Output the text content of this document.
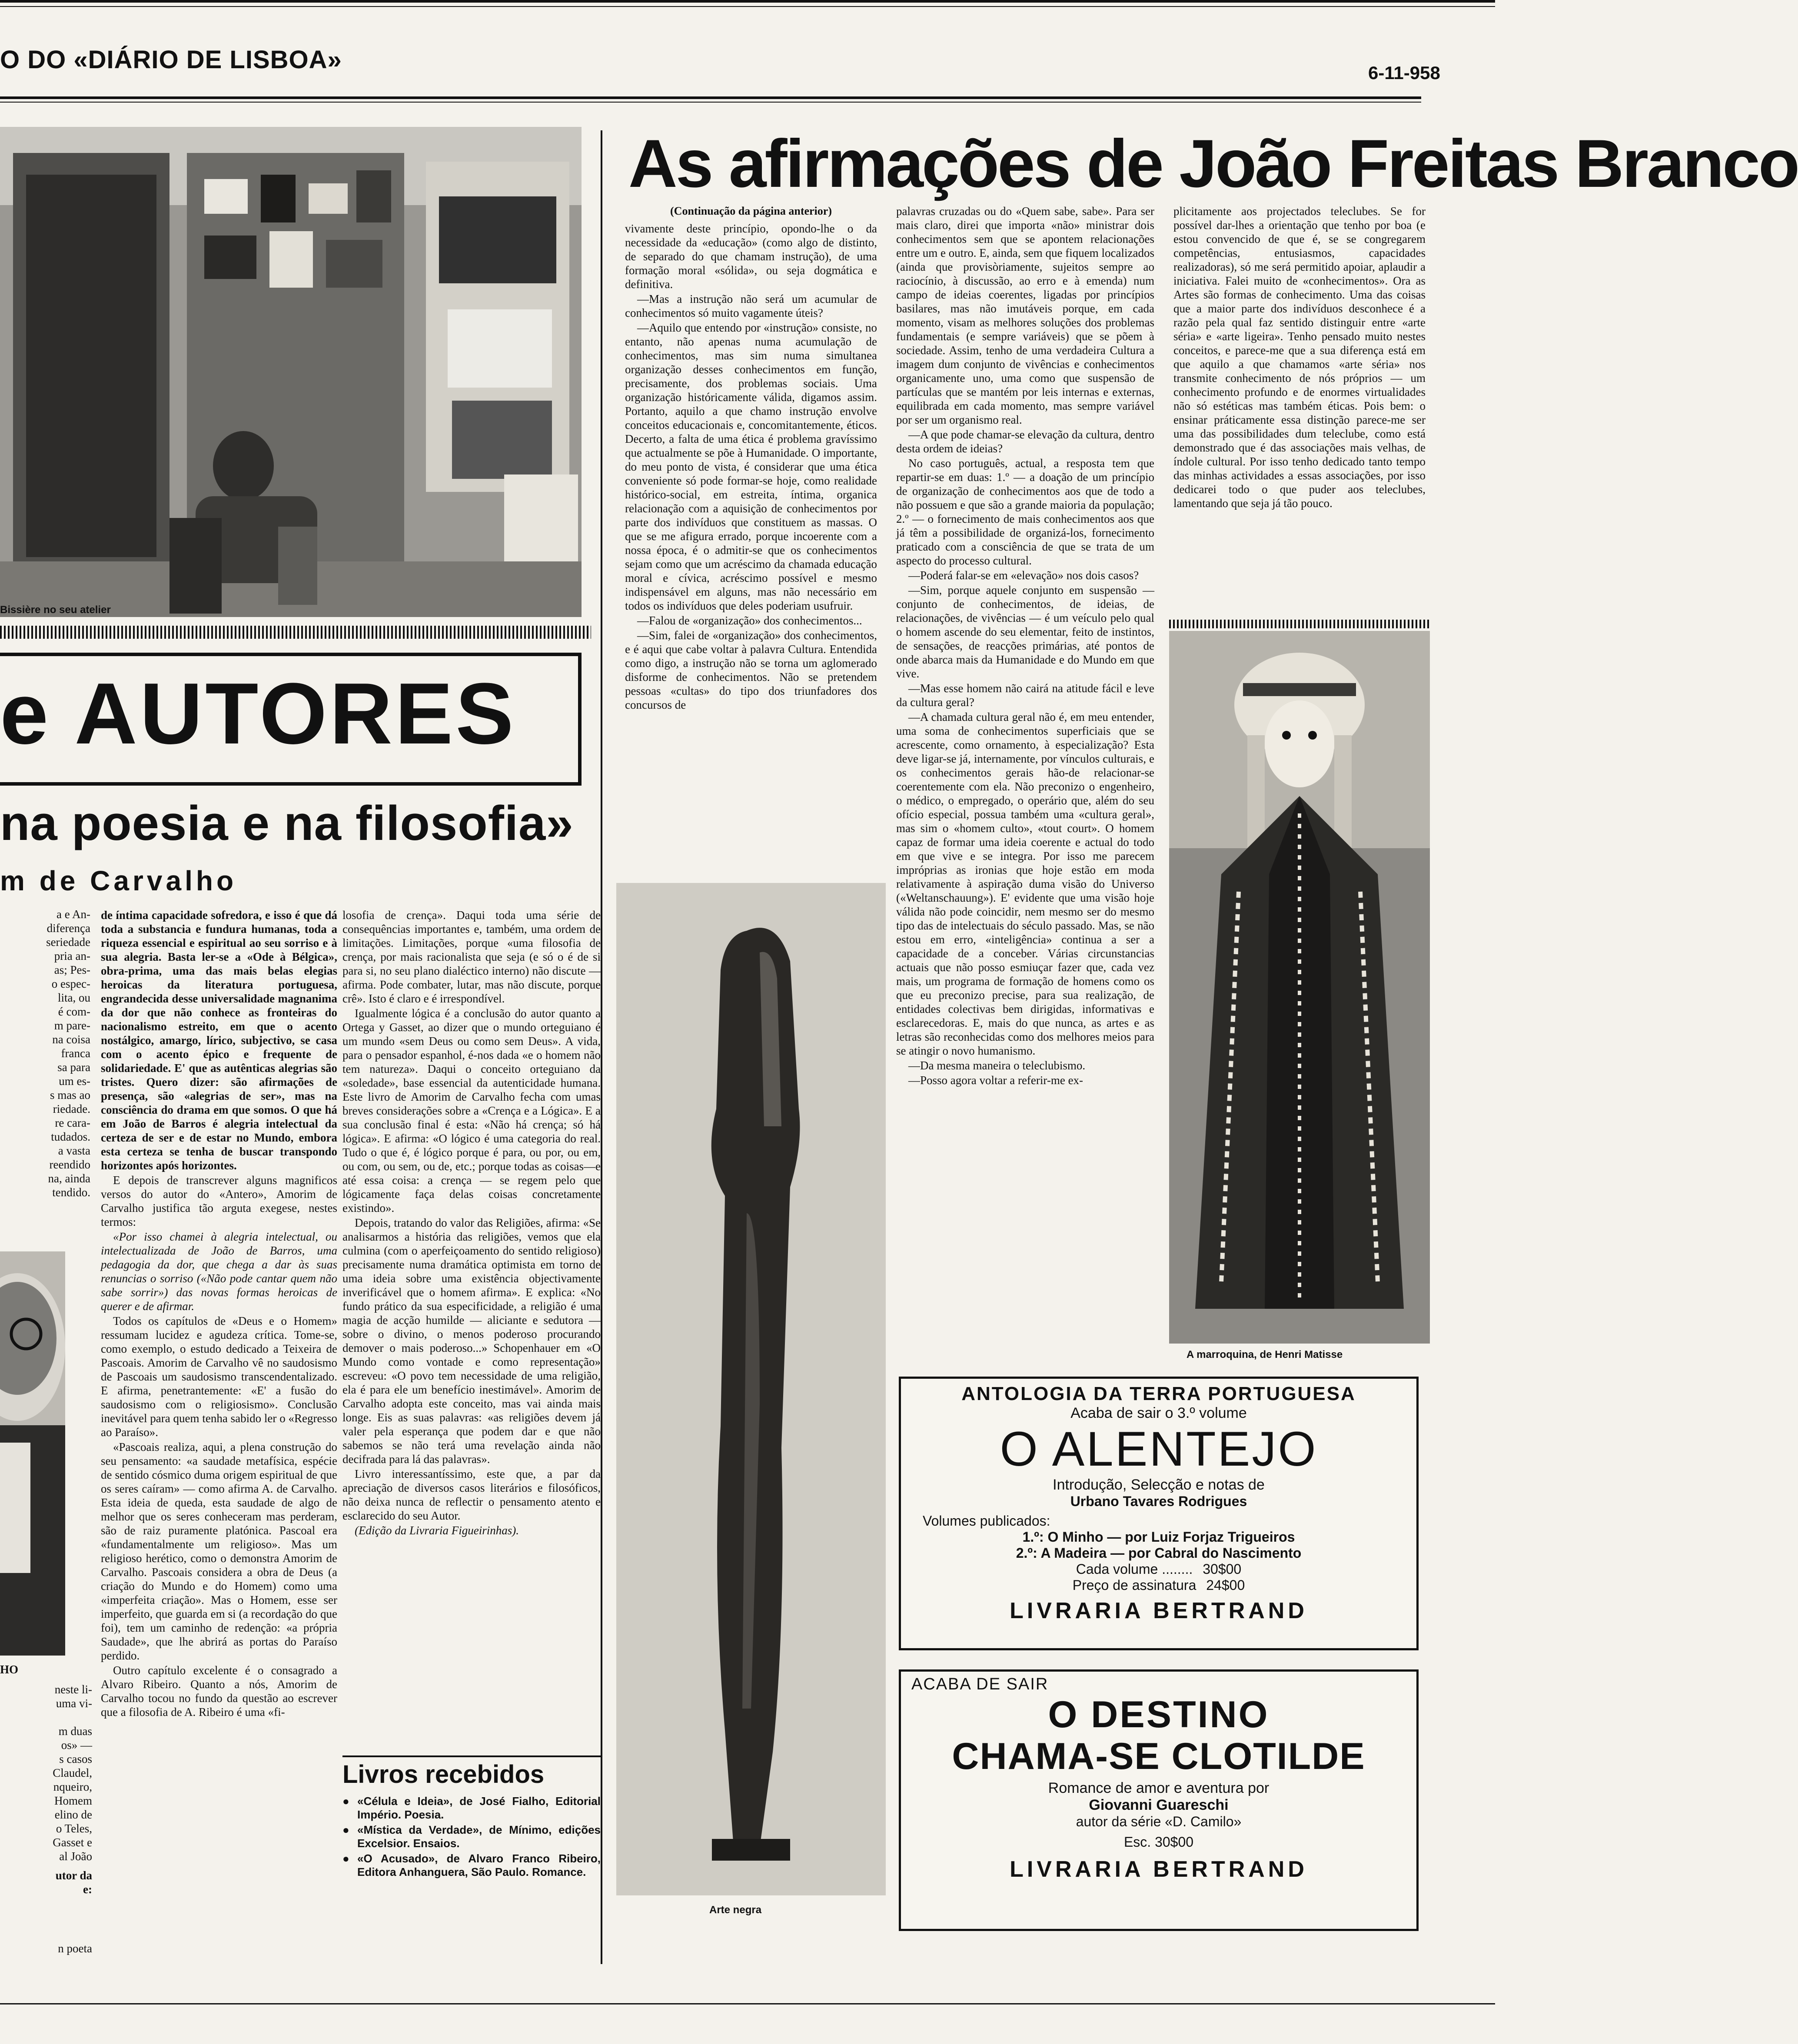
O DO «DIÁRIO DE LISBOA»	6-11-958
Bissière no seu atelier
e AUTORES
na poesia e na filosofia»
m de Carvalho
a e An-
diferença
seriedade
pria an-
as; Pes-
o espec-
lita, ou
é com-
m pare-
na coisa
franca
sa para
um es-
s mas ao
riedade.
re cara-
tudados.
a vasta
reendido
na, ainda
tendido.
HO
neste li-
uma vi-

m duas
os» —
s casos
Claudel,
nqueiro,
Homem
elino de
o Teles,
Gasset e
al João
utor da
e:
n poeta

de íntima capacidade sofredora, e isso é que dá toda a substancia e fundura humanas, toda a riqueza essencial e espiritual ao seu sorriso e à sua alegria. Basta ler-se a «Ode à Bélgica», obra-prima, uma das mais belas elegias heroicas da literatura portuguesa, engrandecida desse universalidade magnanima da dor que não conhece as fronteiras do nacionalismo estreito, em que o acento nostálgico, amargo, lírico, subjectivo, se casa com o acento épico e frequente de solidariedade. E' que as autênticas alegrias são tristes. Quero dizer: são afirmações de presença, são «alegrias de ser», mas na consciência do drama em que somos. O que há em João de Barros é alegria intelectual da certeza de ser e de estar no Mundo, embora esta certeza se tenha de buscar transpondo horizontes após horizontes.

E depois de transcrever alguns magnificos versos do autor do «Antero», Amorim de Carvalho justifica tão arguta exegese, nestes termos:

«Por isso chamei à alegria intelectual, ou intelectualizada de João de Barros, uma pedagogia da dor, que chega a dar às suas renuncias o sorriso («Não pode cantar quem não sabe sorrir») das novas formas heroicas de querer e de afirmar.

Todos os capítulos de «Deus e o Homem» ressumam lucidez e agudeza crítica. Tome-se, como exemplo, o estudo dedicado a Teixeira de Pascoais. Amorim de Carvalho vê no saudosismo de Pascoais um saudosismo transcendentalizado. E afirma, penetrantemente: «E' a fusão do saudosismo com o religiosismo». Conclusão inevitável para quem tenha sabido ler o «Regresso ao Paraíso».

«Pascoais realiza, aqui, a plena construção do seu pensamento: «a saudade metafísica, espécie de sentido cósmico duma origem espiritual de que os seres caíram» — como afirma A. de Carvalho. Esta ideia de queda, esta saudade de algo de melhor que os seres conheceram mas perderam, são de raiz puramente platónica. Pascoal era «fundamentalmente um religioso». Mas um religioso herético, como o demonstra Amorim de Carvalho. Pascoais considera a obra de Deus (a criação do Mundo e do Homem) como uma «imperfeita criação». Mas o Homem, esse ser imperfeito, que guarda em si (a recordação do que foi), tem um caminho de redenção: «a própria Saudade», que lhe abrirá as portas do Paraíso perdido.

Outro capítulo excelente é o consagrado a Alvaro Ribeiro. Quanto a nós, Amorim de Carvalho tocou no fundo da questão ao escrever que a filosofia de A. Ribeiro é uma «fi-

losofia de crença». Daqui toda uma série de consequências importantes e, também, uma ordem de limitações. Limitações, porque «uma filosofia de crença, por mais racionalista que seja (e só o é de si para si, no seu plano dialéctico interno) não discute — afirma. Pode combater, lutar, mas não discute, porque crê». Isto é claro e é irrespondível.

Igualmente lógica é a conclusão do autor quanto a Ortega y Gasset, ao dizer que o mundo orteguiano é um mundo «sem Deus ou como sem Deus». A vida, para o pensador espanhol, é-nos dada «e o homem não tem natureza». Daqui o conceito orteguiano da «soledade», base essencial da autenticidade humana. Este livro de Amorim de Carvalho fecha com umas breves considerações sobre a «Crença e a Lógica». E a sua conclusão final é esta: «Não há crença; só há lógica». E afirma: «O lógico é uma categoria do real. Tudo o que é, é lógico porque é para, ou por, ou em, ou com, ou sem, ou de, etc.; porque todas as coisas—e até essa coisa: a crença — se regem pelo que lógicamente faça delas coisas concretamente existindo».

Depois, tratando do valor das Religiões, afirma: «Se analisarmos a história das religiões, vemos que ela culmina (com o aperfeiçoamento do sentido religioso) precisamente numa dramática optimista em torno de uma ideia sobre uma existência objectivamente inverificável que o homem afirma». E explica: «No fundo prático da sua especificidade, a religião é uma magia de acção humilde — aliciante e sedutora — sobre o divino, o menos poderoso procurando demover o mais poderoso...» Schopenhauer em «O Mundo como vontade e como representação» escreveu: «O povo tem necessidade de uma religião, ela é para ele um benefício inestimável». Amorim de Carvalho adopta este conceito, mas vai ainda mais longe. Eis as suas palavras: «as religiões devem já valer pela esperança que podem dar e que não sabemos se não terá uma revelação ainda não decifrada para lá das palavras».

Livro interessantíssimo, este que, a par da apreciação de diversos casos literários e filosóficos, não deixa nunca de reflectir o pensamento atento e esclarecido do seu Autor.

(Edição da Livraria Figueirinhas).

Livros recebidos

● «Célula e Ideia», de José Fialho, Editorial Império. Poesia.

● «Mística da Verdade», de Mínimo, edições Excelsior. Ensaios.

● «O Acusado», de Alvaro Franco Ribeiro, Editora Anhanguera, São Paulo. Romance.

As afirmações de João Freitas Branco

(Continuação da página anterior)

vivamente deste princípio, opondo-lhe o da necessidade da «educação» (como algo de distinto, de separado do que chamam instrução), de uma formação moral «sólida», ou seja dogmática e definitiva.

—Mas a instrução não será um acumular de conhecimentos só muito vagamente úteis?

—Aquilo que entendo por «instrução» consiste, no entanto, não apenas numa acumulação de conhecimentos, mas sim numa simultanea organização desses conhecimentos em função, precisamente, dos problemas sociais. Uma organização históricamente válida, digamos assim. Portanto, aquilo a que chamo instrução envolve conceitos educacionais e, concomitantemente, éticos. Decerto, a falta de uma ética é problema gravíssimo que actualmente se põe à Humanidade. O importante, do meu ponto de vista, é considerar que uma ética conveniente só pode formar-se hoje, como realidade histórico-social, em estreita, íntima, organica relacionação com a aquisição de conhecimentos por parte dos indivíduos que constituem as massas. O que se me afigura errado, porque incoerente com a nossa época, é o admitir-se que os conhecimentos sejam como que um acréscimo da chamada educação moral e cívica, acréscimo possível e mesmo indispensável em alguns, mas não necessário em todos os indivíduos que deles poderiam usufruir.

—Falou de «organização» dos conhecimentos...

—Sim, falei de «organização» dos conhecimentos, e é aqui que cabe voltar à palavra Cultura. Entendida como digo, a instrução não se torna um aglomerado disforme de conhecimentos. Não se pretendem pessoas «cultas» do tipo dos triunfadores dos concursos de

palavras cruzadas ou do «Quem sabe, sabe». Para ser mais claro, direi que importa «não» ministrar dois conhecimentos sem que se apontem relacionações entre um e outro. E, ainda, sem que fiquem localizados (ainda que provisòriamente, sujeitos sempre ao raciocínio, à discussão, ao erro e à emenda) num campo de ideias coerentes, ligadas por princípios basilares, mas não imutáveis porque, em cada momento, visam as melhores soluções dos problemas fundamentais (e sempre variáveis) que se põem à sociedade. Assim, tenho de uma verdadeira Cultura a imagem dum conjunto de vivências e conhecimentos organicamente uno, uma como que suspensão de partículas que se mantém por leis internas e externas, equilibrada em cada momento, mas sempre variável por ser um organismo real.

—A que pode chamar-se elevação da cultura, dentro desta ordem de ideias?

No caso português, actual, a resposta tem que repartir-se em duas: 1.º — a doação de um princípio de organização de conhecimentos aos que de todo a não possuem e que são a grande maioria da população; 2.º — o fornecimento de mais conhecimentos aos que já têm a possibilidade de organizá-los, fornecimento praticado com a consciência de que se trata de um aspecto do processo cultural.

—Poderá falar-se em «elevação» nos dois casos?

—Sim, porque aquele conjunto em suspensão — conjunto de conhecimentos, de ideias, de relacionações, de vivências — é um veículo pelo qual o homem ascende do seu elementar, feito de instintos, de sensações, de reacções primárias, até pontos de onde abarca mais da Humanidade e do Mundo em que vive.

—Mas esse homem não cairá na atitude fácil e leve da cultura geral?

—A chamada cultura geral não é, em meu entender, uma soma de conhecimentos superficiais que se acrescente, como ornamento, à especialização? Esta deve ligar-se já, internamente, por vínculos culturais, e os conhecimentos gerais hão-de relacionar-se coerentemente com ela. Não preconizo o engenheiro, o médico, o empregado, o operário que, além do seu ofício especial, possua também uma «cultura geral», mas sim o «homem culto», «tout court». O homem capaz de formar uma ideia coerente e actual do todo em que vive e se integra. Por isso me parecem impróprias as ironias que hoje estão em moda relativamente à aspiração duma visão do Universo («Weltanschauung»). E' evidente que uma visão hoje válida não pode coincidir, nem mesmo ser do mesmo tipo das de intelectuais do século passado. Mas, se não estou em erro, «inteligência» continua a ser a capacidade de a conceber. Várias circunstancias actuais que não posso esmiuçar fazer que, cada vez mais, um programa de formação de homens como os que eu preconizo precise, para sua realização, de entidades colectivas bem dirigidas, informativas e esclarecedoras. E, mais do que nunca, as artes e as letras são reconhecidas como dos melhores meios para se atingir o novo humanismo.

—Da mesma maneira o teleclubismo.

—Posso agora voltar a referir-me ex-

plicitamente aos projectados teleclubes. Se for possível dar-lhes a orientação que tenho por boa (e estou convencido de que é, se se congregarem competências, entusiasmos, capacidades realizadoras), só me será permitido apoiar, aplaudir a iniciativa. Falei muito de «conhecimentos». Ora as Artes são formas de conhecimento. Uma das coisas que a maior parte dos indivíduos desconhece é a razão pela qual faz sentido distinguir entre «arte séria» e «arte ligeira». Tenho pensado muito nestes conceitos, e parece-me que a sua diferença está em que aquilo a que chamamos «arte séria» nos transmite conhecimento de nós próprios — um conhecimento profundo e de enormes virtualidades não só estéticas mas também éticas. Pois bem: o ensinar práticamente essa distinção parece-me ser uma das possibilidades dum teleclube, como está demonstrado que é das associações mais velhas, de índole cultural. Por isso tenho dedicado tanto tempo das minhas actividades a essas associações, por isso dedicarei todo o que puder aos teleclubes, lamentando que seja já tão pouco.

Arte negra
A marroquina, de Henri Matisse
ANTOLOGIA DA TERRA PORTUGUESA
Acaba de sair o 3.º volume
O ALENTEJO
Introdução, Selecção e notas de
Urbano Tavares Rodrigues
Volumes publicados:
1.º: O Minho — por Luiz Forjaz Trigueiros
2.º: A Madeira — por Cabral do Nascimento
Cada volume ........ 30$00
Preço de assinatura 24$00
LIVRARIA BERTRAND
ACABA DE SAIR
O DESTINO
CHAMA-SE CLOTILDE
Romance de amor e aventura por
Giovanni Guareschi
autor da série «D. Camilo»
Esc. 30$00
LIVRARIA BERTRAND
